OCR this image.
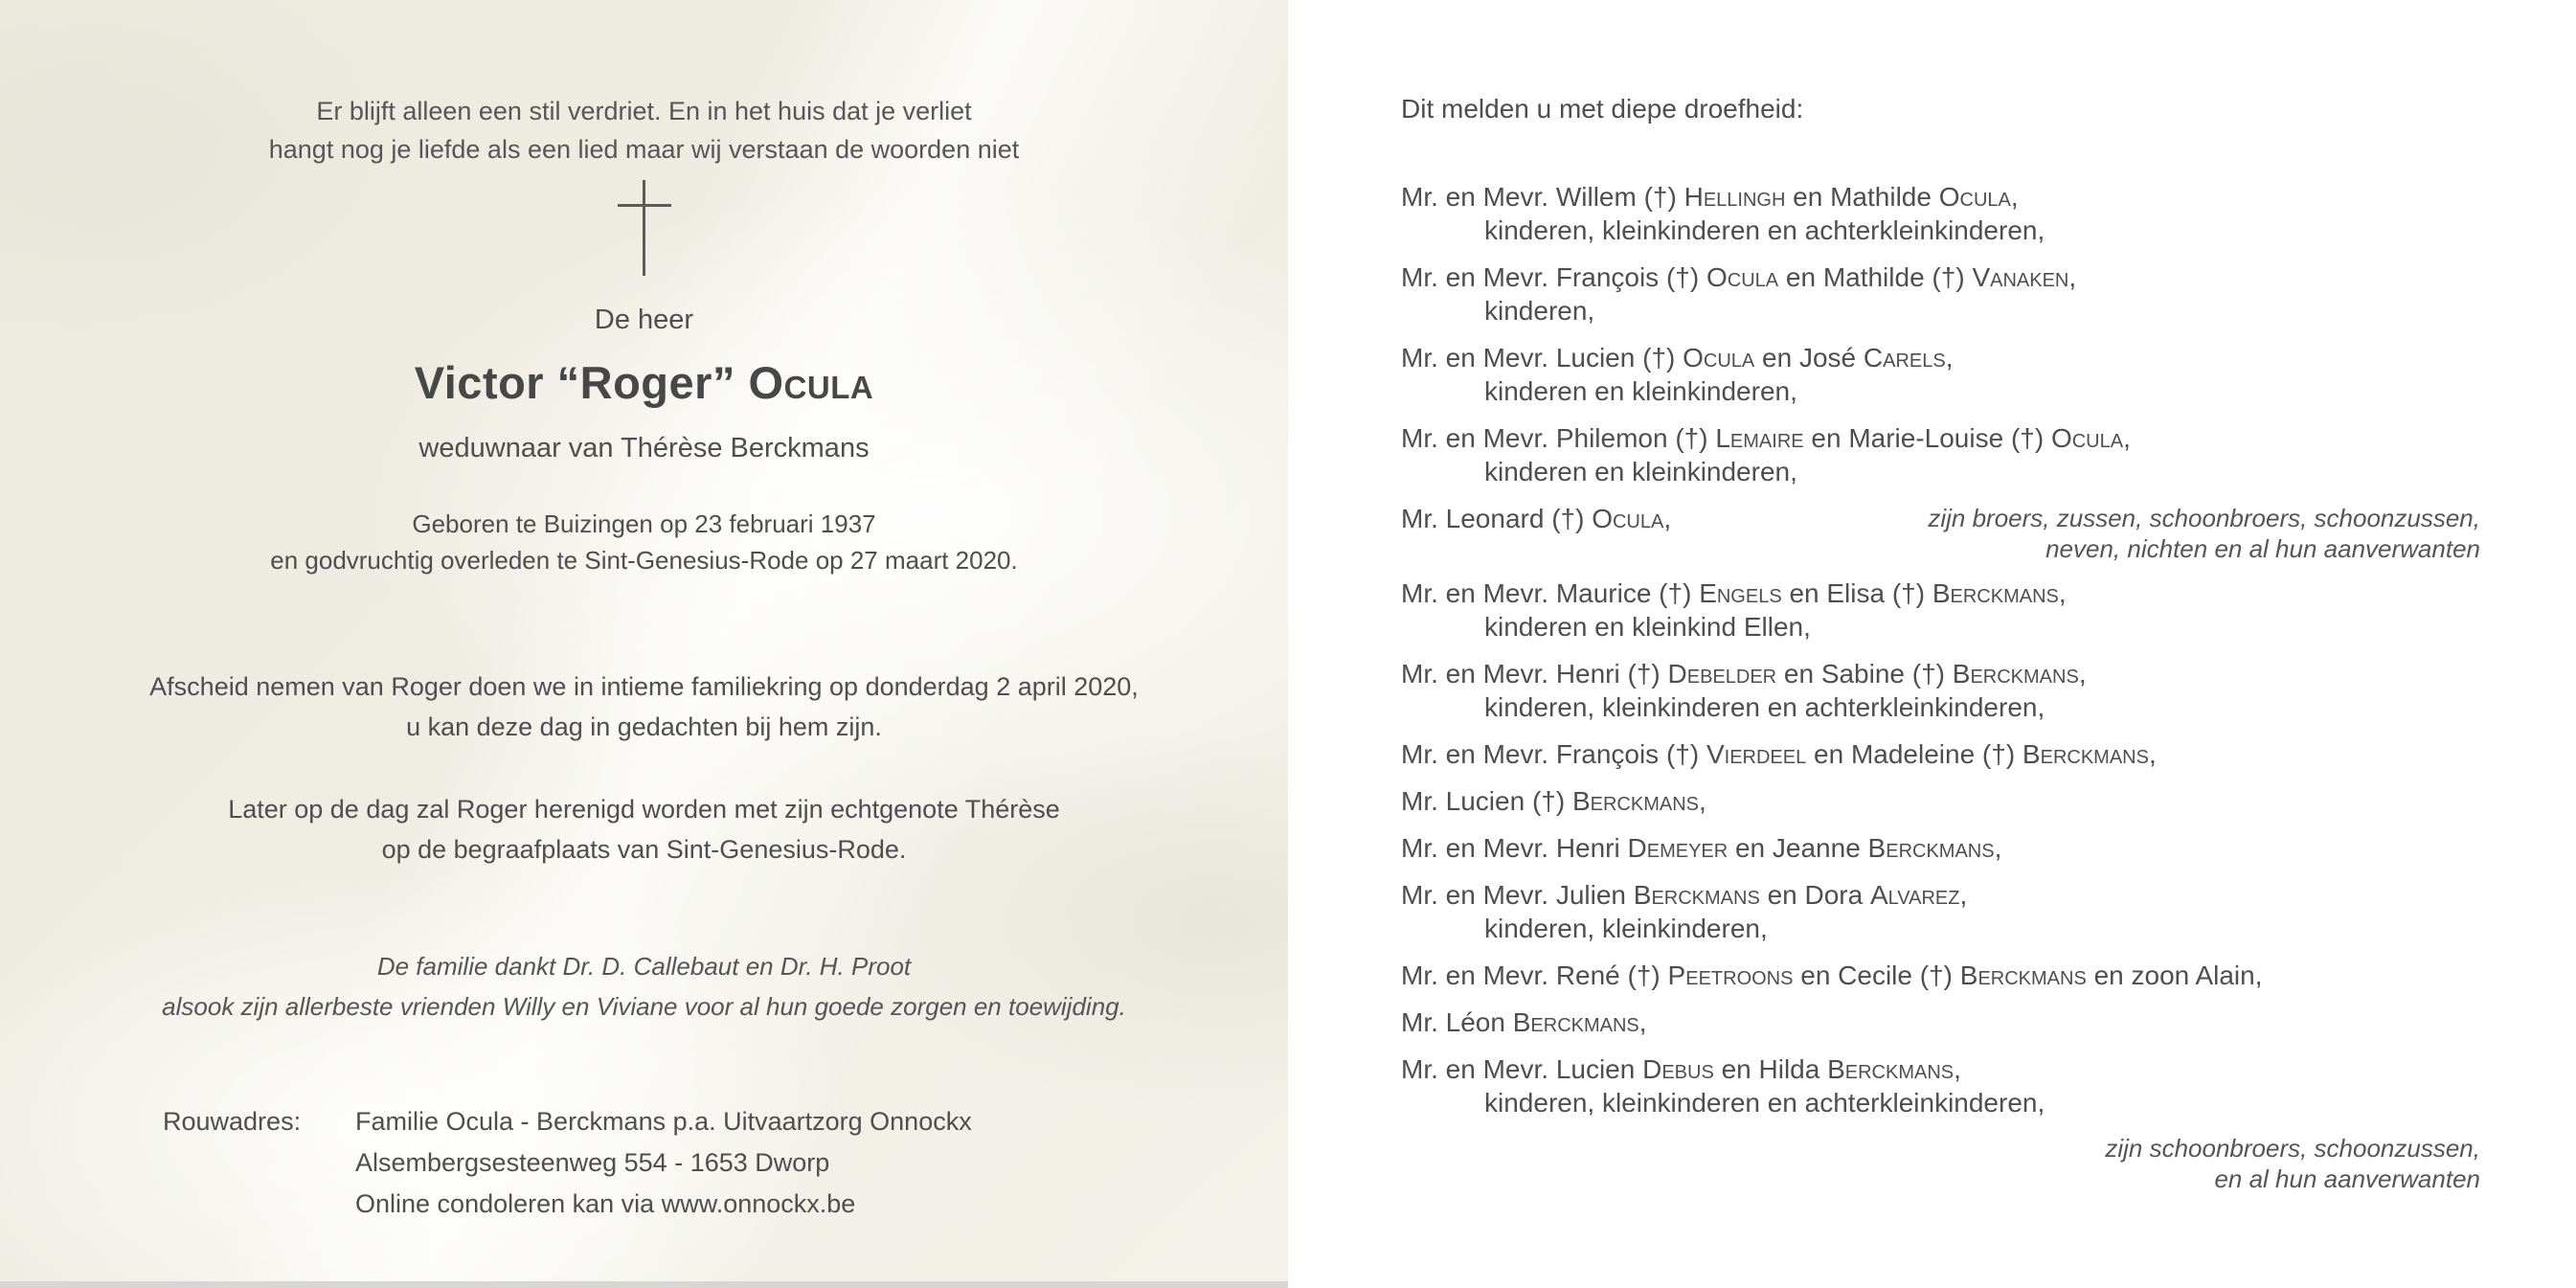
Er blijft alleen een stil verdriet. En in het huis dat je verliet
hangt nog je liefde als een lied maar wij verstaan de woorden niet
De heer
Victor “Roger” Ocula
weduwnaar van Thérèse Berckmans
Geboren te Buizingen op 23 februari 1937
en godvruchtig overleden te Sint-Genesius-Rode op 27 maart 2020.
Afscheid nemen van Roger doen we in intieme familiekring op donderdag 2 april 2020,
u kan deze dag in gedachten bij hem zijn.
Later op de dag zal Roger herenigd worden met zijn echtgenote Thérèse
op de begraafplaats van Sint-Genesius-Rode.
De familie dankt Dr. D. Callebaut en Dr. H. Proot
alsook zijn allerbeste vrienden Willy en Viviane voor al hun goede zorgen en toewijding.
Rouwadres: Familie Ocula - Berckmans p.a. Uitvaartzorg Onnockx
Alsembergsesteenweg 554 - 1653 Dworp
Online condoleren kan via www.onnockx.be
Dit melden u met diepe droefheid:
Mr. en Mevr. Willem (†) Hellingh en Mathilde Ocula,
kinderen, kleinkinderen en achterkleinkinderen,
Mr. en Mevr. François (†) Ocula en Mathilde (†) Vanaken,
kinderen,
Mr. en Mevr. Lucien (†) Ocula en José Carels,
kinderen en kleinkinderen,
Mr. en Mevr. Philemon (†) Lemaire en Marie-Louise (†) Ocula,
kinderen en kleinkinderen,
Mr. Leonard (†) Ocula,	zijn broers, zussen, schoonbroers, schoonzussen,
neven, nichten en al hun aanverwanten
Mr. en Mevr. Maurice (†) Engels en Elisa (†) Berckmans,
kinderen en kleinkind Ellen,
Mr. en Mevr. Henri (†) Debelder en Sabine (†) Berckmans,
kinderen, kleinkinderen en achterkleinkinderen,
Mr. en Mevr. François (†) Vierdeel en Madeleine (†) Berckmans,
Mr. Lucien (†) Berckmans,
Mr. en Mevr. Henri Demeyer en Jeanne Berckmans,
Mr. en Mevr. Julien Berckmans en Dora Alvarez,
kinderen, kleinkinderen,
Mr. en Mevr. René (†) Peetroons en Cecile (†) Berckmans en zoon Alain,
Mr. Léon Berckmans,
Mr. en Mevr. Lucien Debus en Hilda Berckmans,
kinderen, kleinkinderen en achterkleinkinderen,
zijn schoonbroers, schoonzussen,
en al hun aanverwanten
